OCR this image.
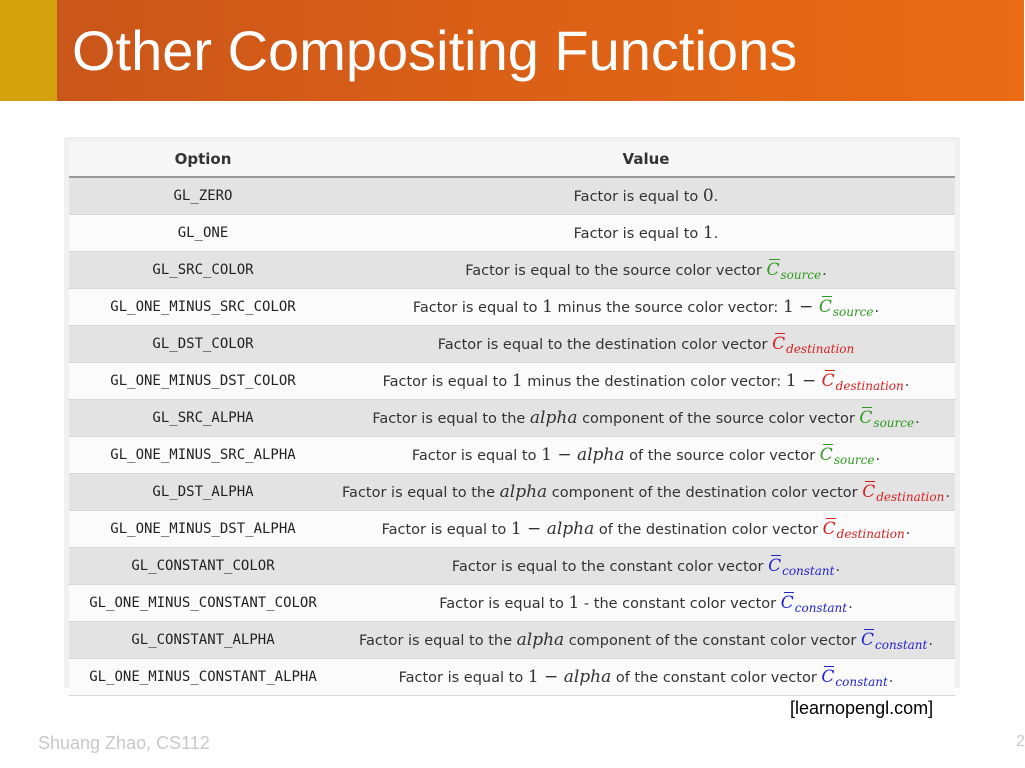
Other Compositing Functions
Option	Value
GL_ZERO	Factor is equal to 0.
GL_ONE	Factor is equal to 1.
GL_SRC_COLOR	Factor is equal to the source color vector $C_{source}$.
GL_ONE_MINUS_SRC_COLOR	Factor is equal to 1 minus the source color vector: $1 - C_{source}$.
GL_DST_COLOR	Factor is equal to the destination color vector $C_{destination}$
GL_ONE_MINUS_DST_COLOR	Factor is equal to 1 minus the destination color vector: $1 - C_{destination}$.
GL_SRC_ALPHA	Factor is equal to the alpha component of the source color vector $C_{source}$.
GL_ONE_MINUS_SRC_ALPHA	Factor is equal to 1 − alpha of the source color vector $C_{source}$.
GL_DST_ALPHA	Factor is equal to the alpha component of the destination color vector $C_{destination}$.
GL_ONE_MINUS_DST_ALPHA	Factor is equal to 1 − alpha of the destination color vector $C_{destination}$.
GL_CONSTANT_COLOR	Factor is equal to the constant color vector $C_{constant}$.
GL_ONE_MINUS_CONSTANT_COLOR	Factor is equal to 1 - the constant color vector $C_{constant}$.
GL_CONSTANT_ALPHA	Factor is equal to the alpha component of the constant color vector $C_{constant}$.
GL_ONE_MINUS_CONSTANT_ALPHA	Factor is equal to 1 − alpha of the constant color vector $C_{constant}$.
[learnopengl.com]
Shuang Zhao, CS112	2
